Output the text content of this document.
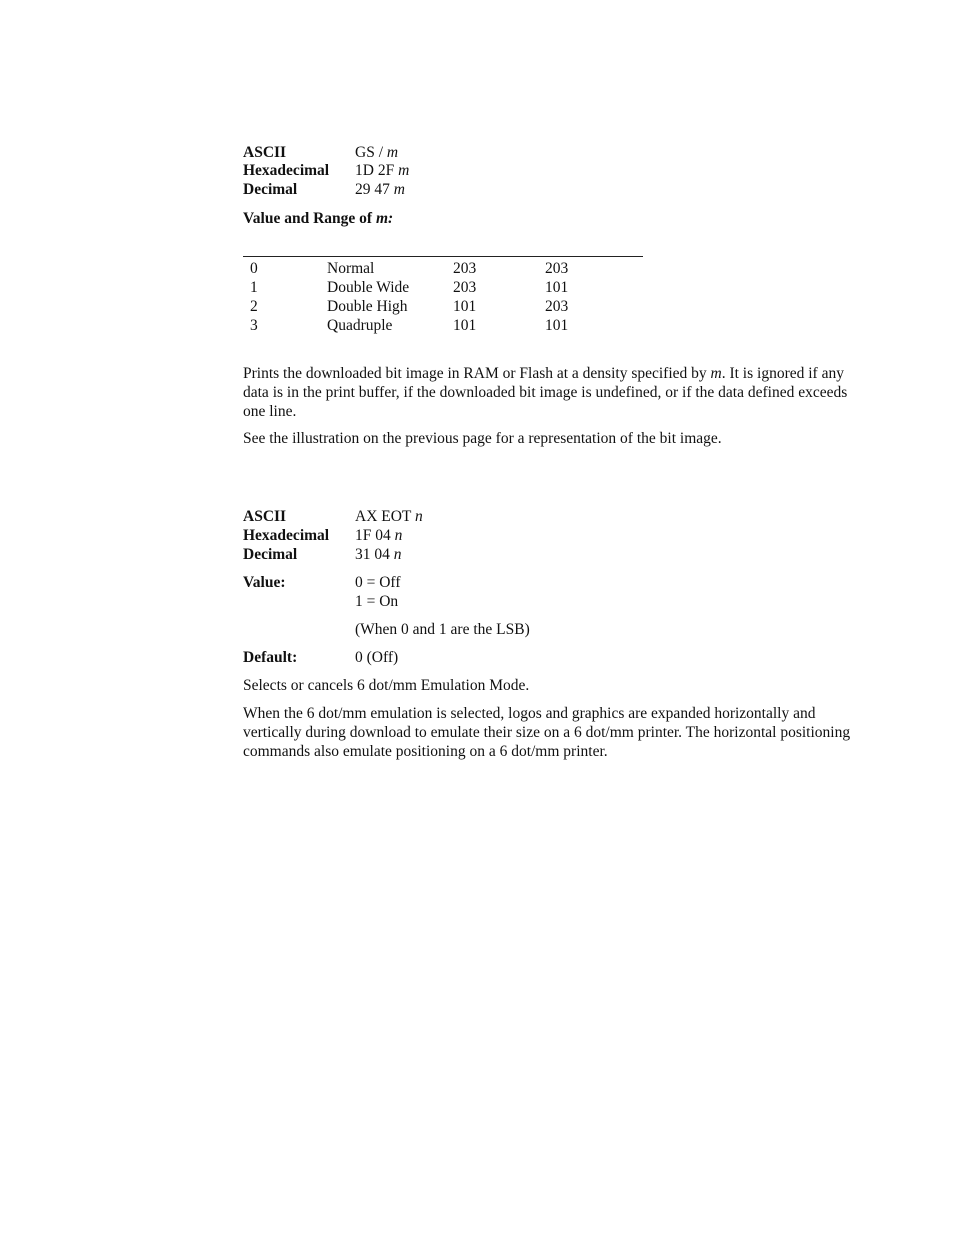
ASCII	GS / m
Hexadecimal 1D 2F m
Decimal	29 47 m
Value and Range of m:
0	Normal	203	203
1	Double Wide	203	101
2	Double High	101	203
3	Quadruple	101	101
Prints the downloaded bit image in RAM or Flash at a density specified by m. It is ignored if any data is in the print buffer, if the downloaded bit image is undefined, or if the data defined exceeds one line.
See the illustration on the previous page for a representation of the bit image.
ASCII	AX EOT n
Hexadecimal 1F 04 n
Decimal	31 04 n
Value:	0 = Off
1 = On
(When 0 and 1 are the LSB)
Default:	0 (Off)
Selects or cancels 6 dot/mm Emulation Mode.
When the 6 dot/mm emulation is selected, logos and graphics are expanded horizontally and vertically during download to emulate their size on a 6 dot/mm printer. The horizontal positioning commands also emulate positioning on a 6 dot/mm printer.
